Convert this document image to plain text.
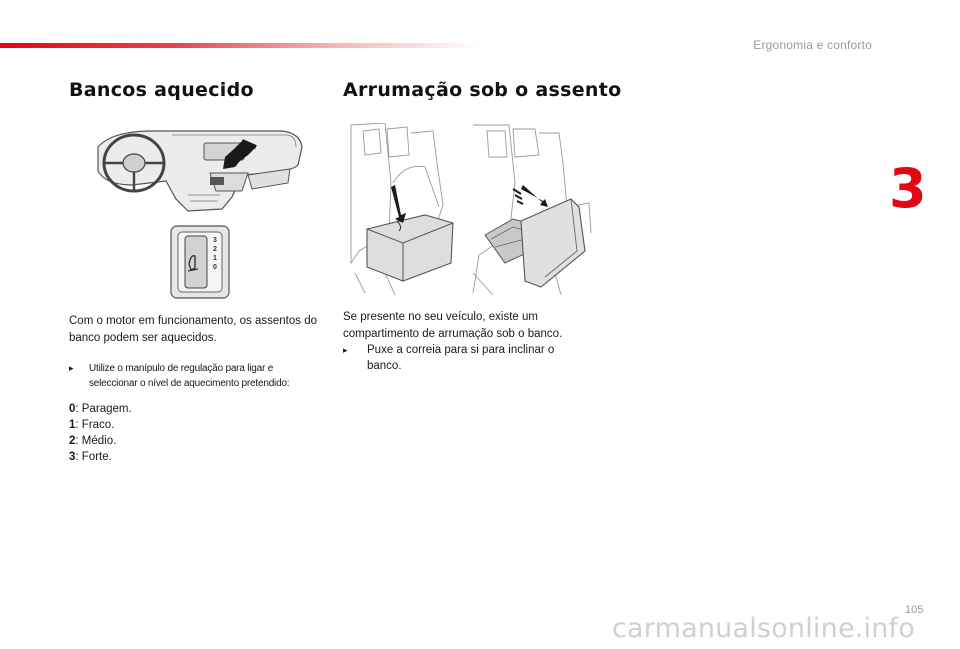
Ergonomia e conforto
3
Bancos aquecido
3
2
1
0

Com o motor em funcionamento, os assentos do banco podem ser aquecidos.

▸	Utilize o manípulo de regulação para ligar e seleccionar o nível de aquecimento pretendido:
0: Paragem.
1: Fraco.
2: Médio.
3: Forte.
Arrumação sob o assento

Se presente no seu veículo, existe um compartimento de arrumação sob o banco.

▸	Puxe a correia para si para inclinar o banco.
105
carmanualsonline.info
